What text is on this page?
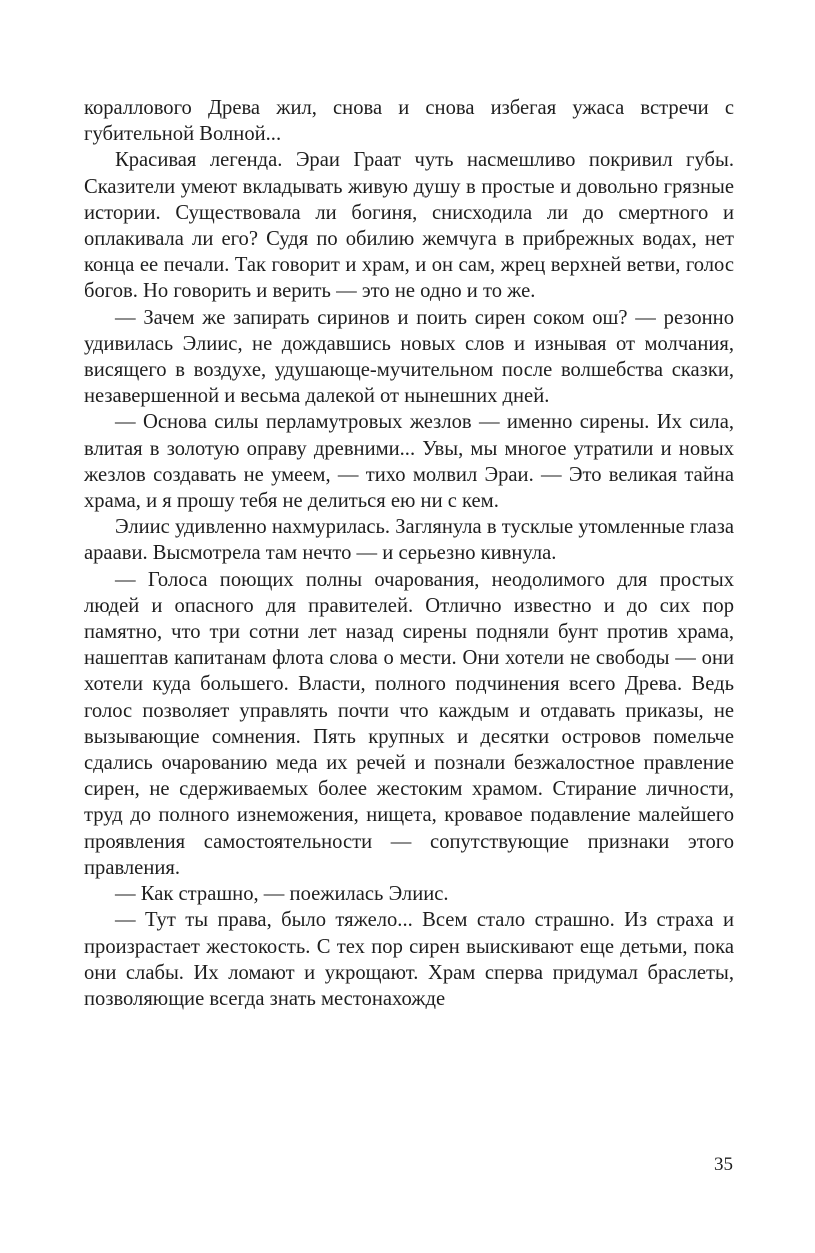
кораллового Древа жил, снова и снова избегая ужаса встречи с губительной Волной...

Красивая легенда. Эраи Граат чуть насмешливо покривил губы. Сказители умеют вкладывать живую душу в простые и довольно грязные истории. Существовала ли богиня, снисходила ли до смертного и оплакивала ли его? Судя по обилию жемчуга в прибрежных водах, нет конца ее печали. Так говорит и храм, и он сам, жрец верхней ветви, голос богов. Но говорить и верить — это не одно и то же.

— Зачем же запирать сиринов и поить сирен соком ош? — резонно удивилась Элиис, не дождавшись новых слов и изнывая от молчания, висящего в воздухе, удушающе-мучительном после волшебства сказки, незавершенной и весьма далекой от нынешних дней.

— Основа силы перламутровых жезлов — именно сирены. Их сила, влитая в золотую оправу древними... Увы, мы многое утратили и новых жезлов создавать не умеем, — тихо молвил Эраи. — Это великая тайна храма, и я прошу тебя не делиться ею ни с кем.

Элиис удивленно нахмурилась. Заглянула в тусклые утомленные глаза араави. Высмотрела там нечто — и серьезно кивнула.

— Голоса поющих полны очарования, неодолимого для простых людей и опасного для правителей. Отлично известно и до сих пор памятно, что три сотни лет назад сирены подняли бунт против храма, нашептав капитанам флота слова о мести. Они хотели не свободы — они хотели куда большего. Власти, полного подчинения всего Древа. Ведь голос позволяет управлять почти что каждым и отдавать приказы, не вызывающие сомнения. Пять крупных и десятки островов помельче сдались очарованию меда их речей и познали безжалостное правление сирен, не сдерживаемых более жестоким храмом. Стирание личности, труд до полного изнеможения, нищета, кровавое подавление малейшего проявления самостоятельности — сопутствующие признаки этого правления.

— Как страшно, — поежилась Элиис.

— Тут ты права, было тяжело... Всем стало страшно. Из страха и произрастает жестокость. С тех пор сирен выискивают еще детьми, пока они слабы. Их ломают и укрощают. Храм сперва придумал браслеты, позволяющие всегда знать местонахожде

35
